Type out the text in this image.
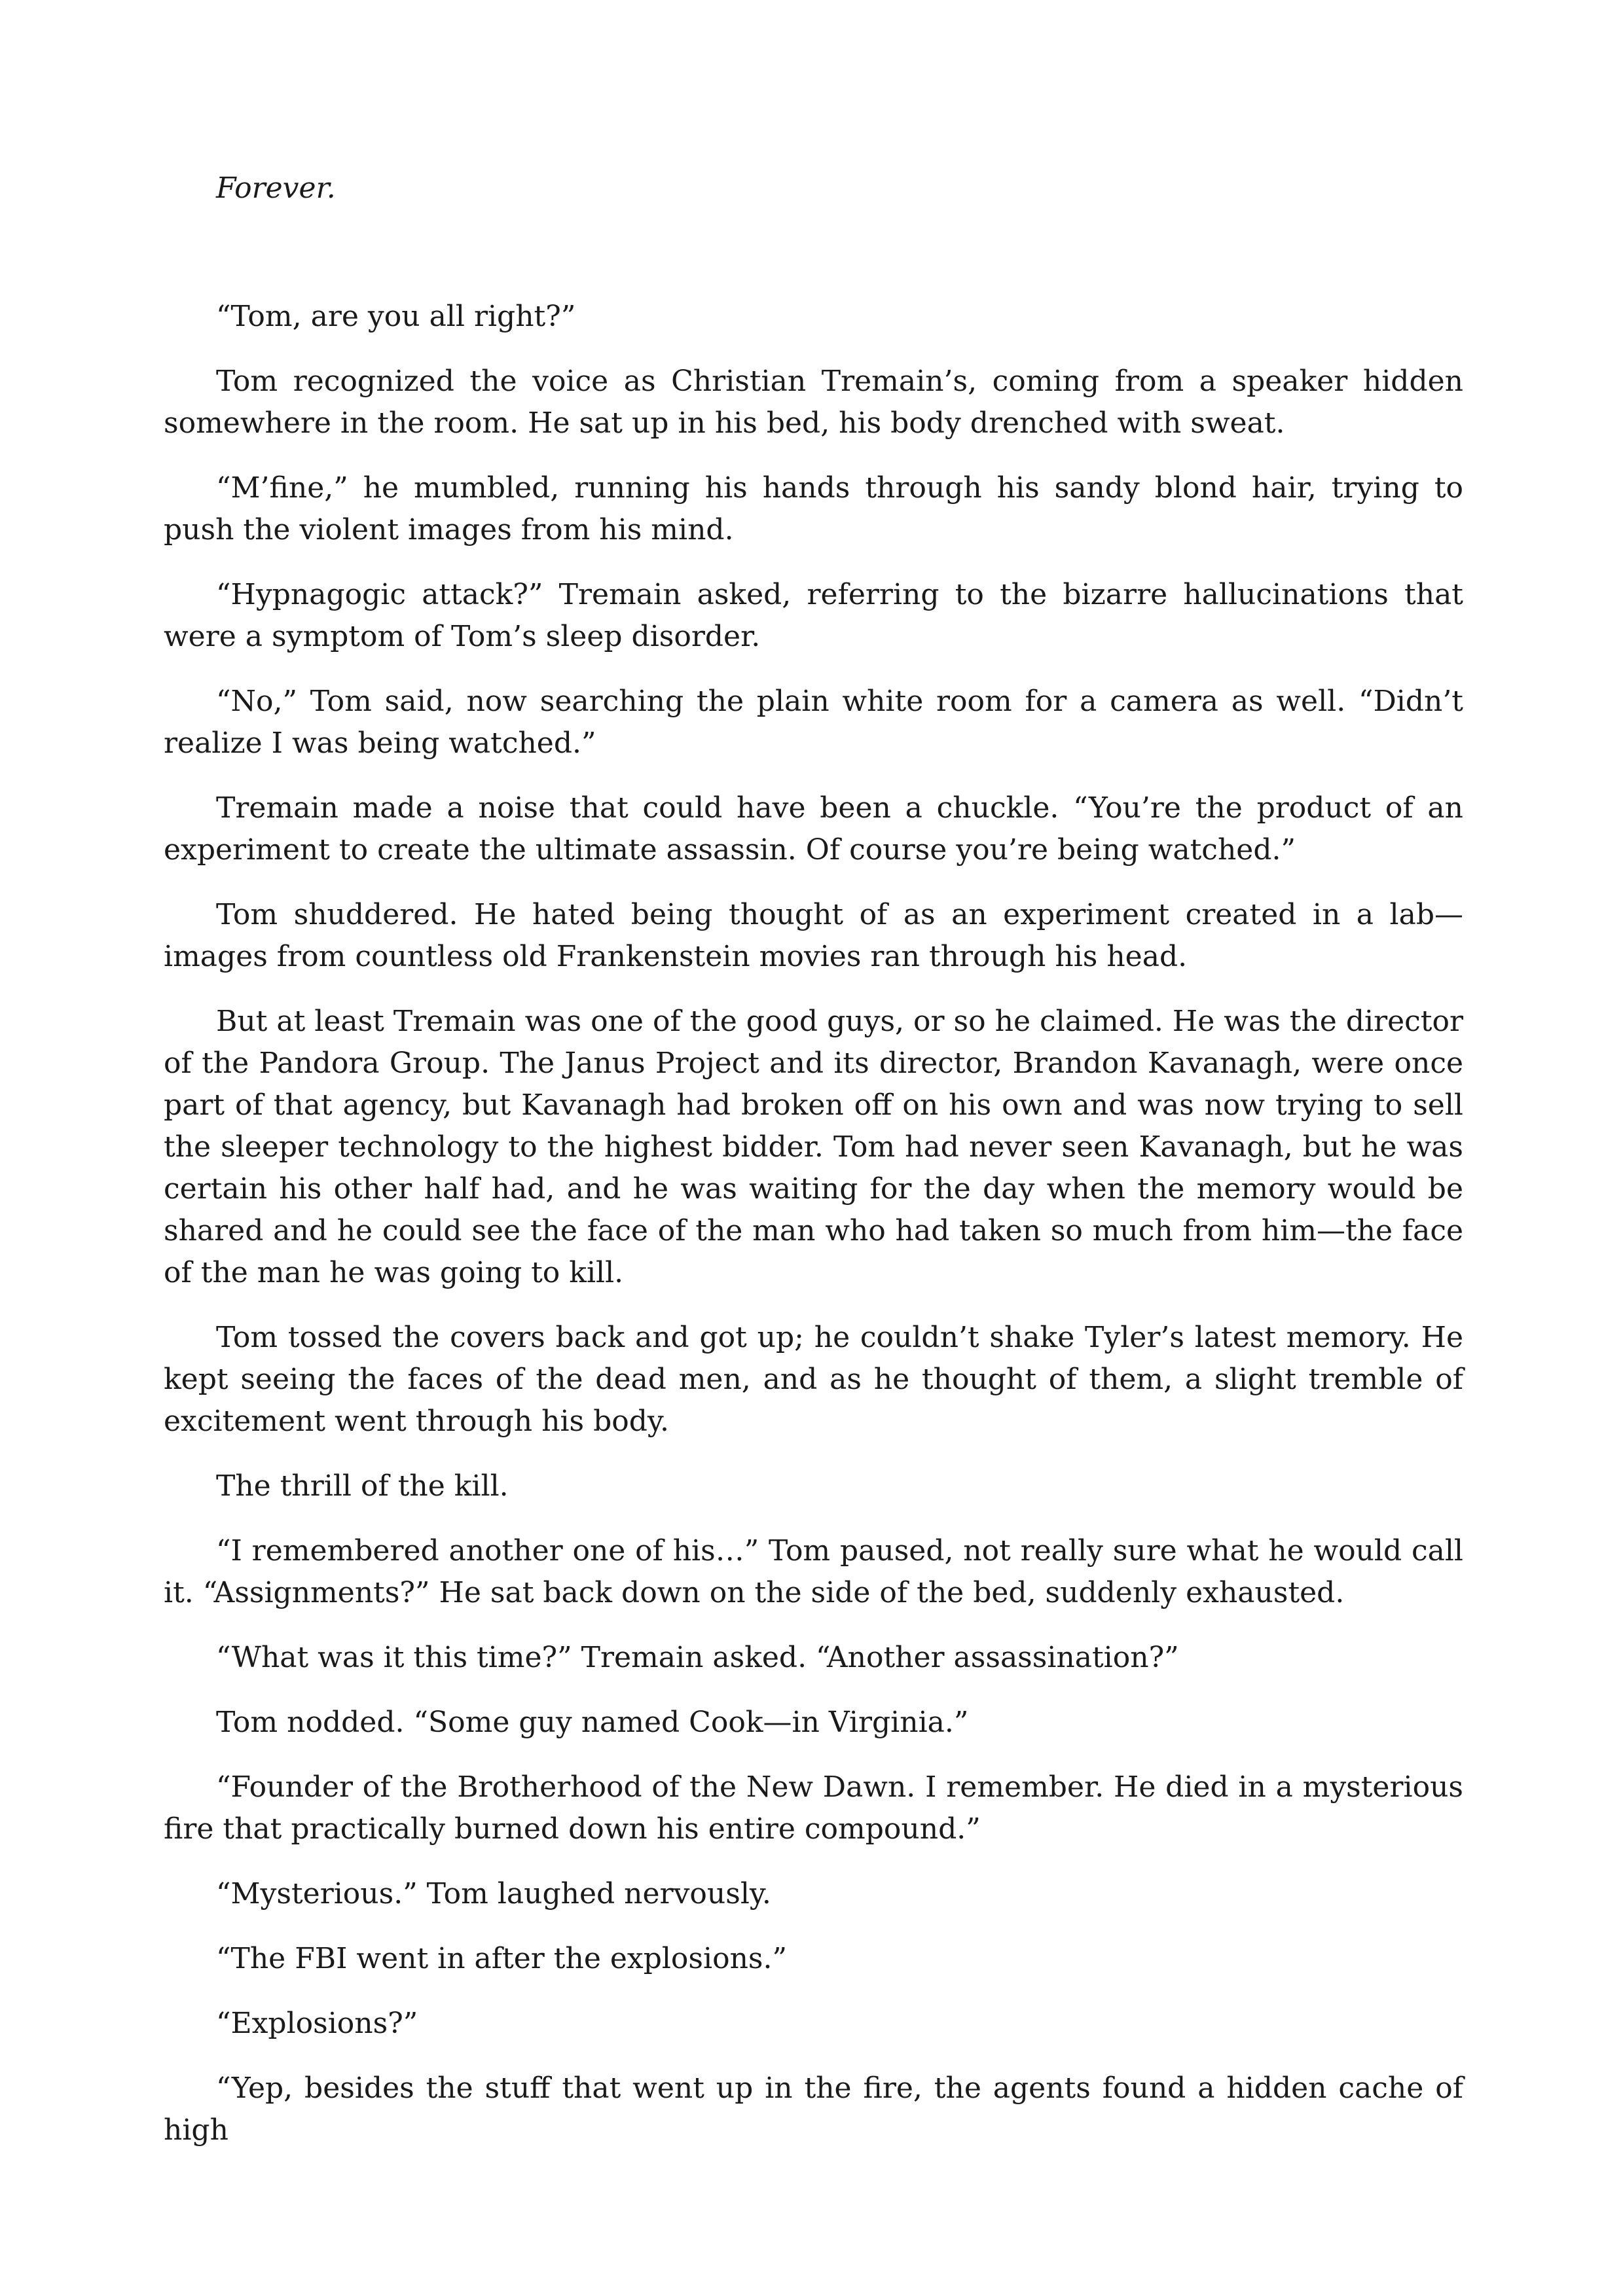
Forever.

“Tom, are you all right?”

Tom recognized the voice as Christian Tremain’s, coming from a speaker hidden somewhere in the room. He sat up in his bed, his body drenched with sweat.

“M’fine,” he mumbled, running his hands through his sandy blond hair, trying to push the violent images from his mind.

“Hypnagogic attack?” Tremain asked, referring to the bizarre hallucinations that were a symptom of Tom’s sleep disorder.

“No,” Tom said, now searching the plain white room for a camera as well. “Didn’t realize I was being watched.”

Tremain made a noise that could have been a chuckle. “You’re the product of an experiment to create the ultimate assassin. Of course you’re being watched.”

Tom shuddered. He hated being thought of as an experiment created in a lab—images from countless old Frankenstein movies ran through his head.

But at least Tremain was one of the good guys, or so he claimed. He was the director of the Pandora Group. The Janus Project and its director, Brandon Kavanagh, were once part of that agency, but Kavanagh had broken off on his own and was now trying to sell the sleeper technology to the highest bidder. Tom had never seen Kavanagh, but he was certain his other half had, and he was waiting for the day when the memory would be shared and he could see the face of the man who had taken so much from him—the face of the man he was going to kill.

Tom tossed the covers back and got up; he couldn’t shake Tyler’s latest memory. He kept seeing the faces of the dead men, and as he thought of them, a slight tremble of excitement went through his body.

The thrill of the kill.

“I remembered another one of his…” Tom paused, not really sure what he would call it. “Assignments?” He sat back down on the side of the bed, suddenly exhausted.

“What was it this time?” Tremain asked. “Another assassination?”

Tom nodded. “Some guy named Cook—in Virginia.”

“Founder of the Brotherhood of the New Dawn. I remember. He died in a mysterious fire that practically burned down his entire compound.”

“Mysterious.” Tom laughed nervously.

“The FBI went in after the explosions.”

“Explosions?”

“Yep, besides the stuff that went up in the fire, the agents found a hidden cache of high
